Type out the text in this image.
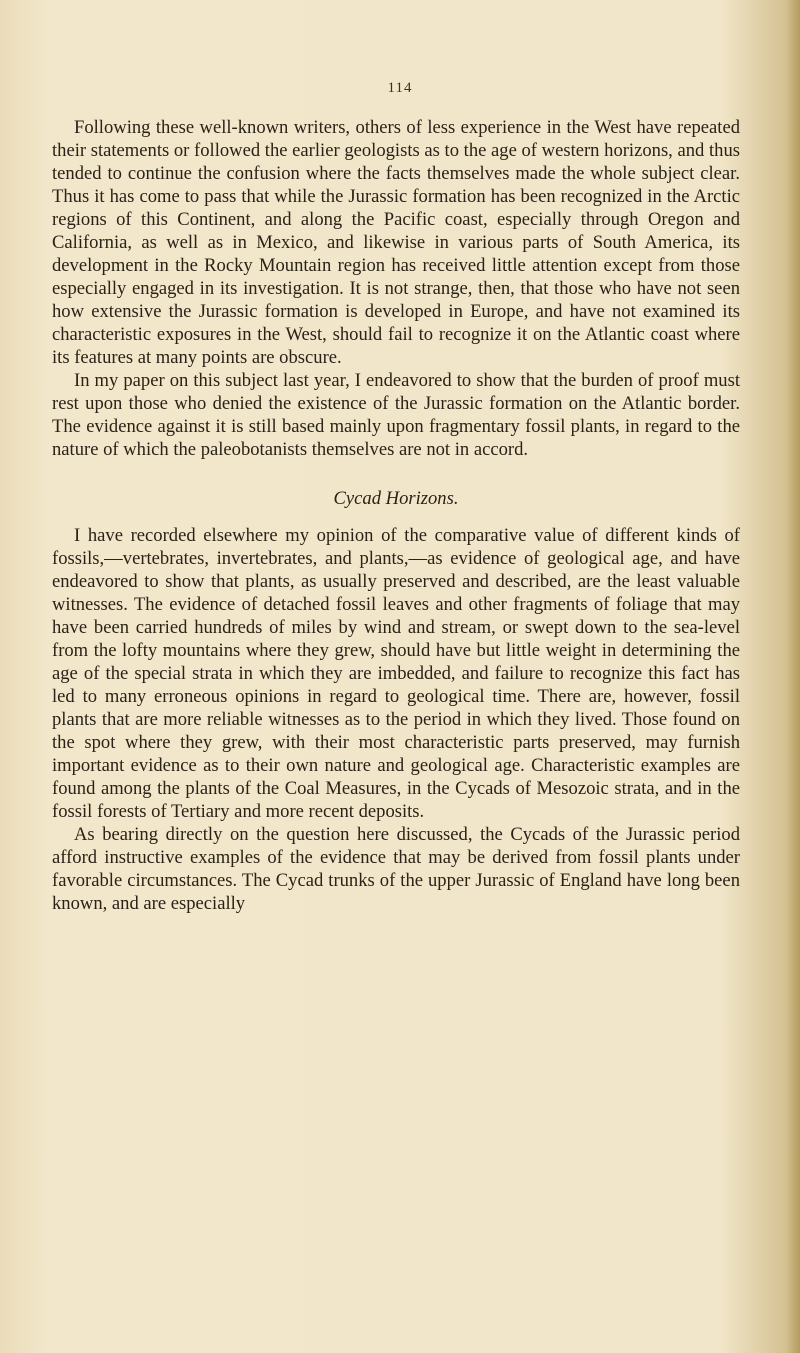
114

Following these well-known writers, others of less experience in the West have repeated their statements or followed the earlier geologists as to the age of western horizons, and thus tended to continue the confusion where the facts themselves made the whole subject clear. Thus it has come to pass that while the Jurassic formation has been recognized in the Arctic regions of this Continent, and along the Pacific coast, especially through Oregon and California, as well as in Mexico, and likewise in various parts of South America, its development in the Rocky Mountain region has received little attention except from those especially engaged in its investigation. It is not strange, then, that those who have not seen how extensive the Jurassic formation is developed in Europe, and have not examined its characteristic exposures in the West, should fail to recognize it on the Atlantic coast where its features at many points are obscure.

In my paper on this subject last year, I endeavored to show that the burden of proof must rest upon those who denied the existence of the Jurassic formation on the Atlantic border. The evidence against it is still based mainly upon fragmentary fossil plants, in regard to the nature of which the paleobotanists themselves are not in accord.

Cycad Horizons.

I have recorded elsewhere my opinion of the comparative value of different kinds of fossils,—vertebrates, invertebrates, and plants,—as evidence of geological age, and have endeavored to show that plants, as usually preserved and described, are the least valuable witnesses. The evidence of detached fossil leaves and other fragments of foliage that may have been carried hundreds of miles by wind and stream, or swept down to the sea-level from the lofty mountains where they grew, should have but little weight in determining the age of the special strata in which they are imbedded, and failure to recognize this fact has led to many erroneous opinions in regard to geological time. There are, however, fossil plants that are more reliable witnesses as to the period in which they lived. Those found on the spot where they grew, with their most characteristic parts preserved, may furnish important evidence as to their own nature and geological age. Characteristic examples are found among the plants of the Coal Measures, in the Cycads of Mesozoic strata, and in the fossil forests of Tertiary and more recent deposits.

As bearing directly on the question here discussed, the Cycads of the Jurassic period afford instructive examples of the evidence that may be derived from fossil plants under favorable circumstances. The Cycad trunks of the upper Jurassic of England have long been known, and are especially
